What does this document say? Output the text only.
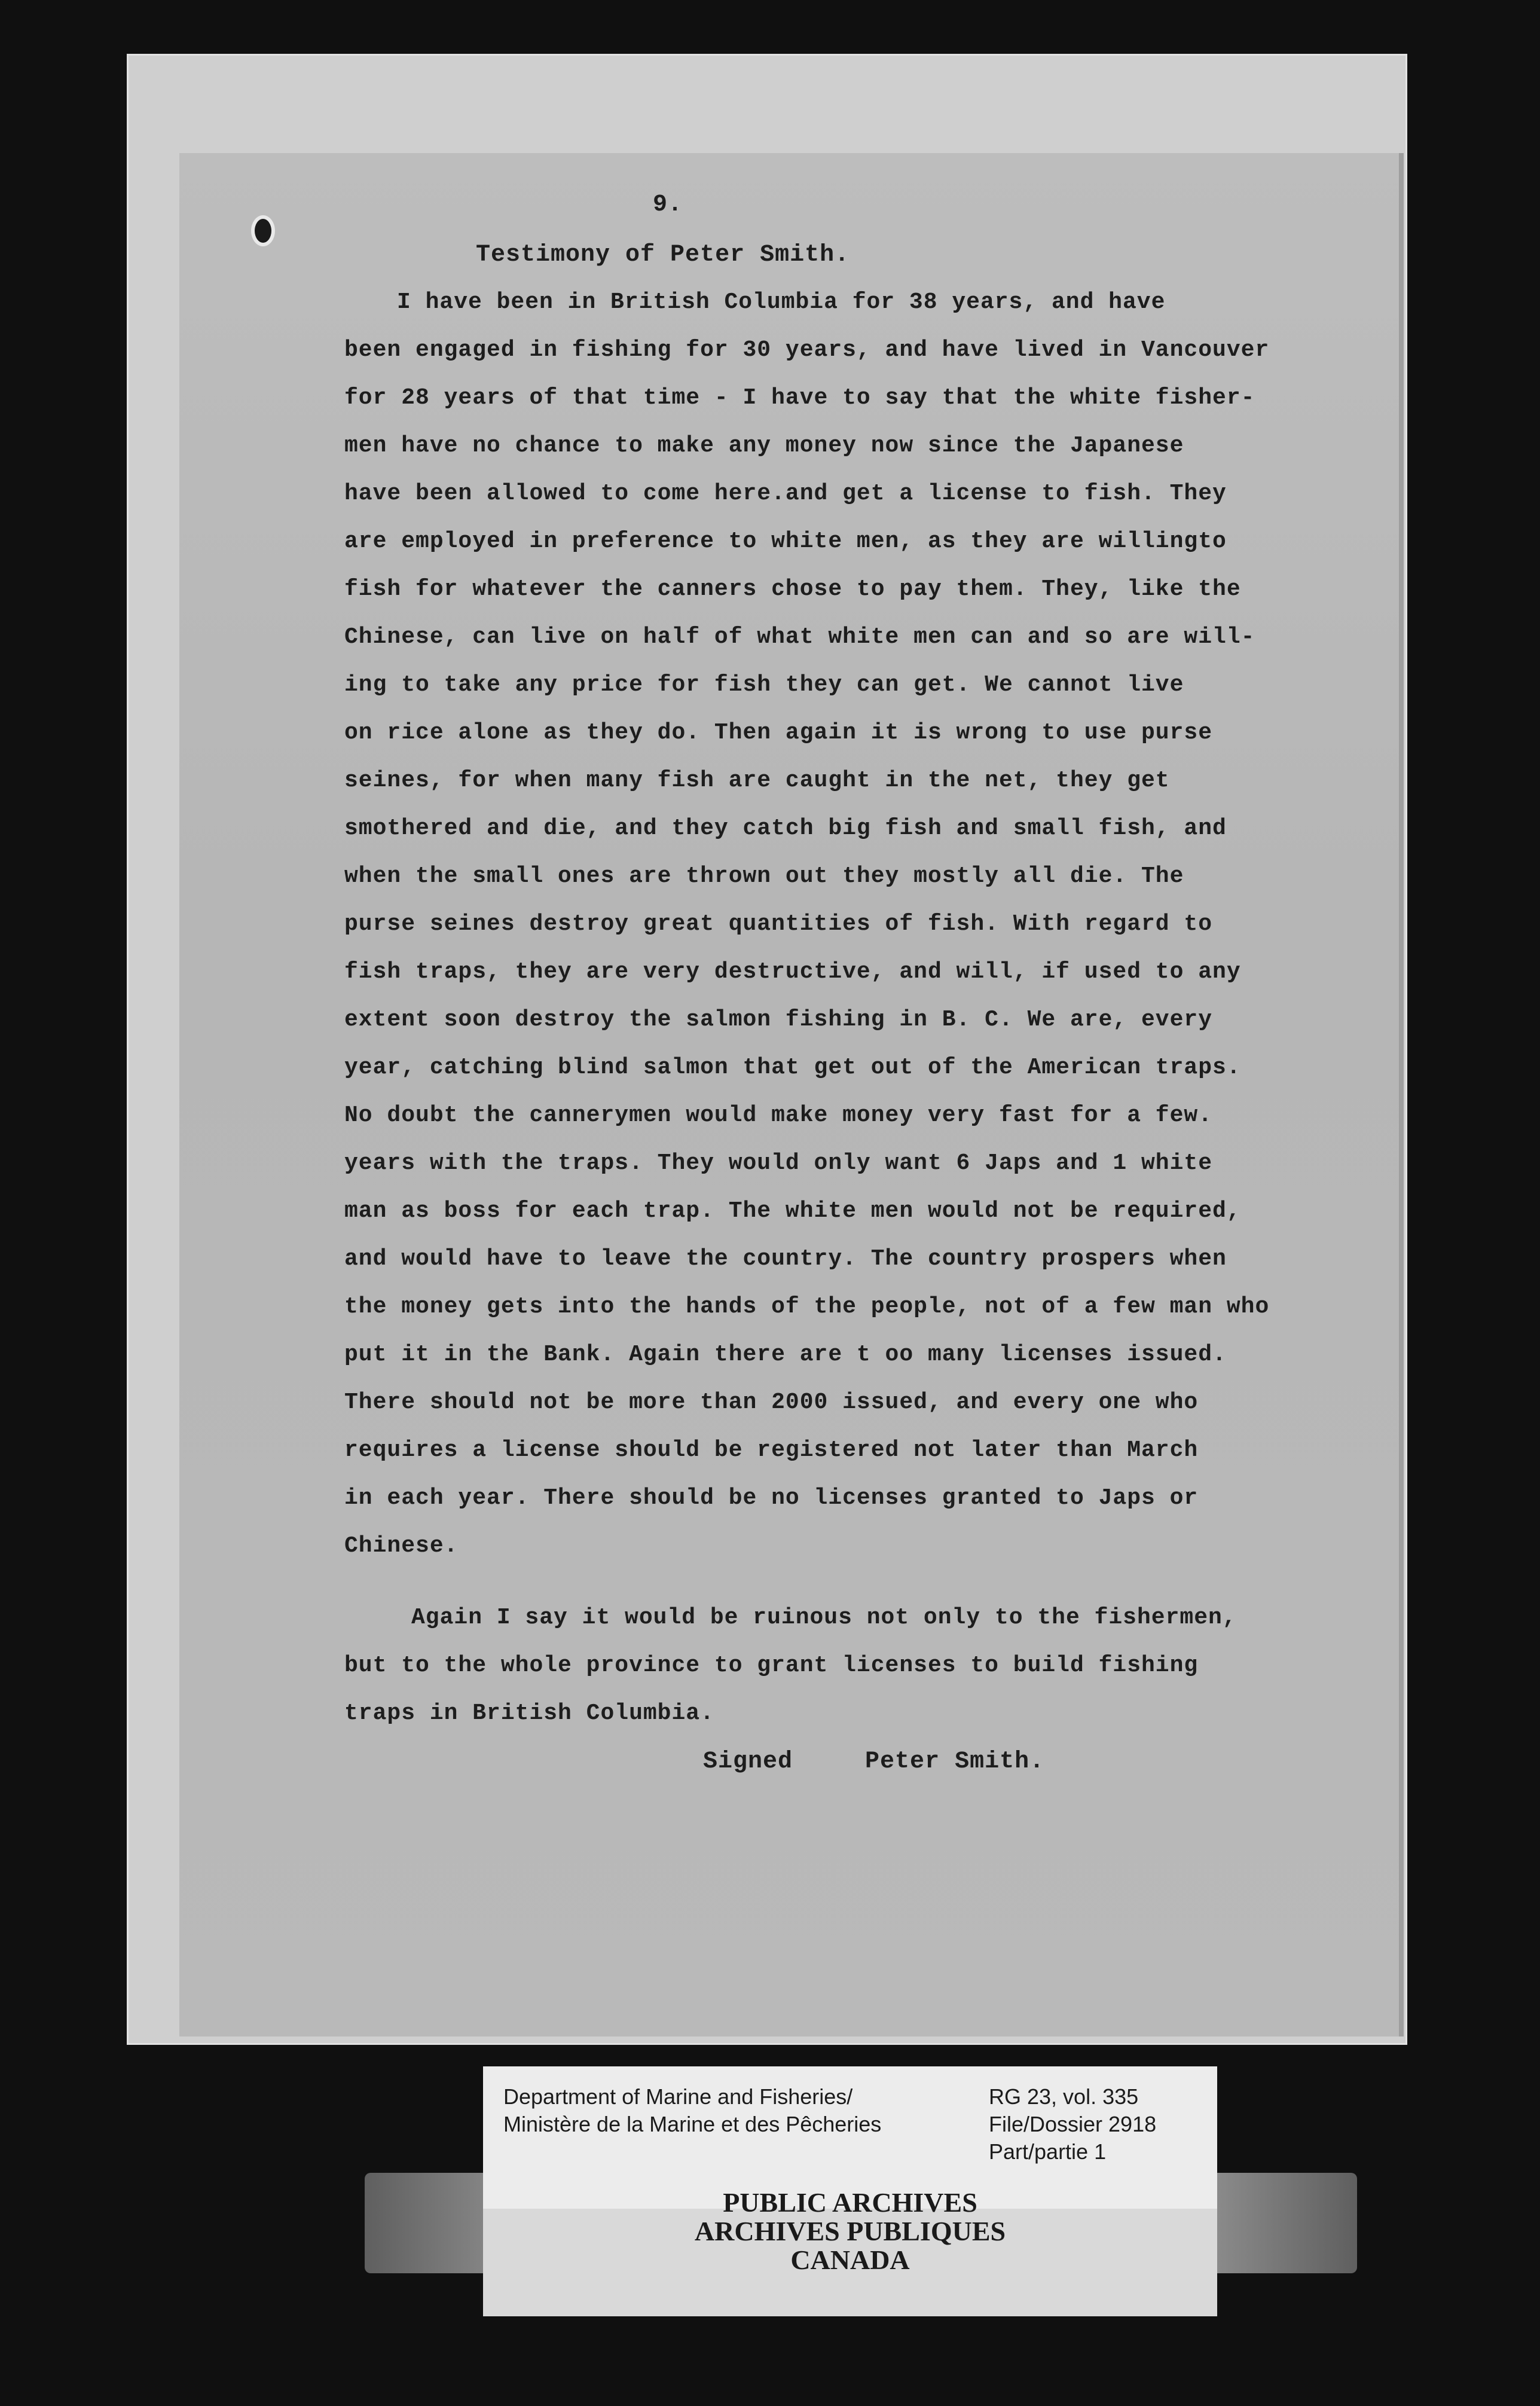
9.
Testimony of Peter Smith.
I have been in British Columbia for 38 years, and have
been engaged in fishing for 30 years, and have lived in Vancouver
for 28 years of that time - I have to say that the white fisher-
men have no chance to make any money now since the Japanese
have been allowed to come here.and get a license to fish. They
are employed in preference to white men, as they are willingto
fish for whatever the canners chose to pay them. They, like the
Chinese, can live on half of what white men can and so are will-
ing to take any price for fish they can get. We cannot live
on rice alone as they do. Then again it is wrong to use purse
seines, for when many fish are caught in the net, they get
smothered and die, and they catch big fish and small fish, and
when the small ones are thrown out they mostly all die. The
purse seines destroy great quantities of fish. With regard to
fish traps, they are very destructive, and will, if used to any
extent soon destroy the salmon fishing in B. C. We are, every
year, catching blind salmon that get out of the American traps.
No doubt the cannerymen would make money very fast for a few.
years with the traps. They would only want 6 Japs and 1 white
man as boss for each trap. The white men would not be required,
and would have to leave the country. The country prospers when
the money gets into the hands of the people, not of a few man who
put it in the Bank. Again there are t oo many licenses issued.
There should not be more than 2000 issued, and every one who
requires a license should be registered not later than March
in each year. There should be no licenses granted to Japs or
Chinese.
Again I say it would be ruinous not only to the fishermen,
but to the whole province to grant licenses to build fishing
traps in British Columbia.
Signed	Peter Smith.
Department of Marine and Fisheries/
Ministère de la Marine et des Pêcheries
RG 23, vol. 335
File/Dossier 2918
Part/partie 1
PUBLIC ARCHIVES
ARCHIVES PUBLIQUES
CANADA
